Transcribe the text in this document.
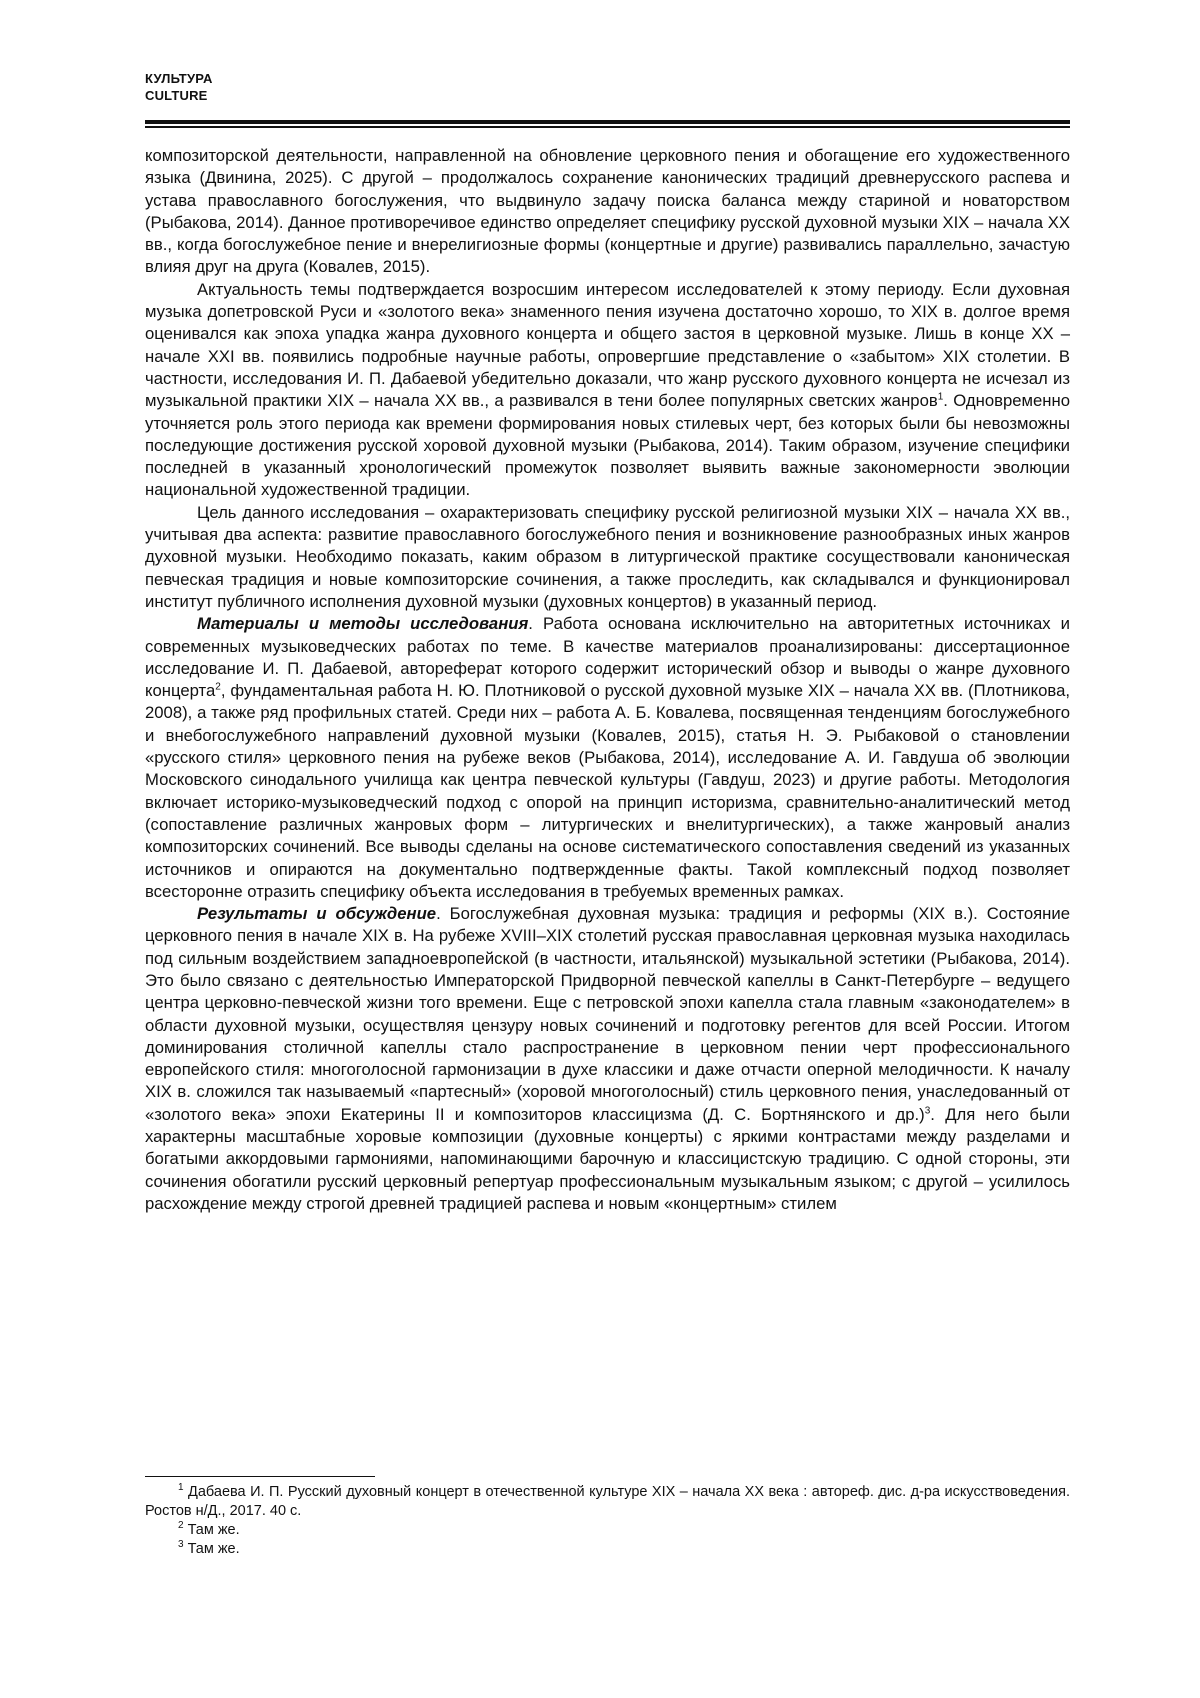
КУЛЬТУРА
CULTURE

композиторской деятельности, направленной на обновление церковного пения и обогащение его художественного языка (Двинина, 2025). С другой – продолжалось сохранение канонических традиций древнерусского распева и устава православного богослужения, что выдвинуло задачу поиска баланса между стариной и новаторством (Рыбакова, 2014). Данное противоречивое единство определяет специфику русской духовной музыки XIX – начала XX вв., когда богослужебное пение и внерелигиозные формы (концертные и другие) развивались параллельно, зачастую влияя друг на друга (Ковалев, 2015).

Актуальность темы подтверждается возросшим интересом исследователей к этому периоду. Если духовная музыка допетровской Руси и «золотого века» знаменного пения изучена достаточно хорошо, то XIX в. долгое время оценивался как эпоха упадка жанра духовного концерта и общего застоя в церковной музыке. Лишь в конце XX – начале XXI вв. появились подробные научные работы, опровергшие представление о «забытом» XIX столетии. В частности, исследования И. П. Дабаевой убедительно доказали, что жанр русского духовного концерта не исчезал из музыкальной практики XIX – начала XX вв., а развивался в тени более популярных светских жанров$^1$. Одновременно уточняется роль этого периода как времени формирования новых стилевых черт, без которых были бы невозможны последующие достижения русской хоровой духовной музыки (Рыбакова, 2014). Таким образом, изучение специфики последней в указанный хронологический промежуток позволяет выявить важные закономерности эволюции национальной художественной традиции.

Цель данного исследования – охарактеризовать специфику русской религиозной музыки XIX – начала XX вв., учитывая два аспекта: развитие православного богослужебного пения и возникновение разнообразных иных жанров духовной музыки. Необходимо показать, каким образом в литургической практике сосуществовали каноническая певческая традиция и новые композиторские сочинения, а также проследить, как складывался и функционировал институт публичного исполнения духовной музыки (духовных концертов) в указанный период.

Материалы и методы исследования. Работа основана исключительно на авторитетных источниках и современных музыковедческих работах по теме. В качестве материалов проанализированы: диссертационное исследование И. П. Дабаевой, автореферат которого содержит исторический обзор и выводы о жанре духовного концерта$^2$, фундаментальная работа Н. Ю. Плотниковой о русской духовной музыке XIX – начала XX вв. (Плотникова, 2008), а также ряд профильных статей. Среди них – работа А. Б. Ковалева, посвященная тенденциям богослужебного и внебогослужебного направлений духовной музыки (Ковалев, 2015), статья Н. Э. Рыбаковой о становлении «русского стиля» церковного пения на рубеже веков (Рыбакова, 2014), исследование А. И. Гавдуша об эволюции Московского синодального училища как центра певческой культуры (Гавдуш, 2023) и другие работы. Методология включает историко-музыковедческий подход с опорой на принцип историзма, сравнительно-аналитический метод (сопоставление различных жанровых форм – литургических и внелитургических), а также жанровый анализ композиторских сочинений. Все выводы сделаны на основе систематического сопоставления сведений из указанных источников и опираются на документально подтвержденные факты. Такой комплексный подход позволяет всесторонне отразить специфику объекта исследования в требуемых временных рамках.

Результаты и обсуждение. Богослужебная духовная музыка: традиция и реформы (XIX в.). Состояние церковного пения в начале XIX в. На рубеже XVIII–XIX столетий русская православная церковная музыка находилась под сильным воздействием западноевропейской (в частности, итальянской) музыкальной эстетики (Рыбакова, 2014). Это было связано с деятельностью Императорской Придворной певческой капеллы в Санкт-Петербурге – ведущего центра церковно-певческой жизни того времени. Еще с петровской эпохи капелла стала главным «законодателем» в области духовной музыки, осуществляя цензуру новых сочинений и подготовку регентов для всей России. Итогом доминирования столичной капеллы стало распространение в церковном пении черт профессионального европейского стиля: многоголосной гармонизации в духе классики и даже отчасти оперной мелодичности. К началу XIX в. сложился так называемый «партесный» (хоровой многоголосный) стиль церковного пения, унаследованный от «золотого века» эпохи Екатерины II и композиторов классицизма (Д. С. Бортнянского и др.)$^3$. Для него были характерны масштабные хоровые композиции (духовные концерты) с яркими контрастами между разделами и богатыми аккордовыми гармониями, напоминающими барочную и классицистскую традицию. С одной стороны, эти сочинения обогатили русский церковный репертуар профессиональным музыкальным языком; с другой – усилилось расхождение между строгой древней традицией распева и новым «концертным» стилем

$^1$ Дабаева И. П. Русский духовный концерт в отечественной культуре XIX – начала XX века : автореф. дис. д-ра искусствоведения. Ростов н/Д., 2017. 40 с.

$^2$ Там же.

$^3$ Там же.
